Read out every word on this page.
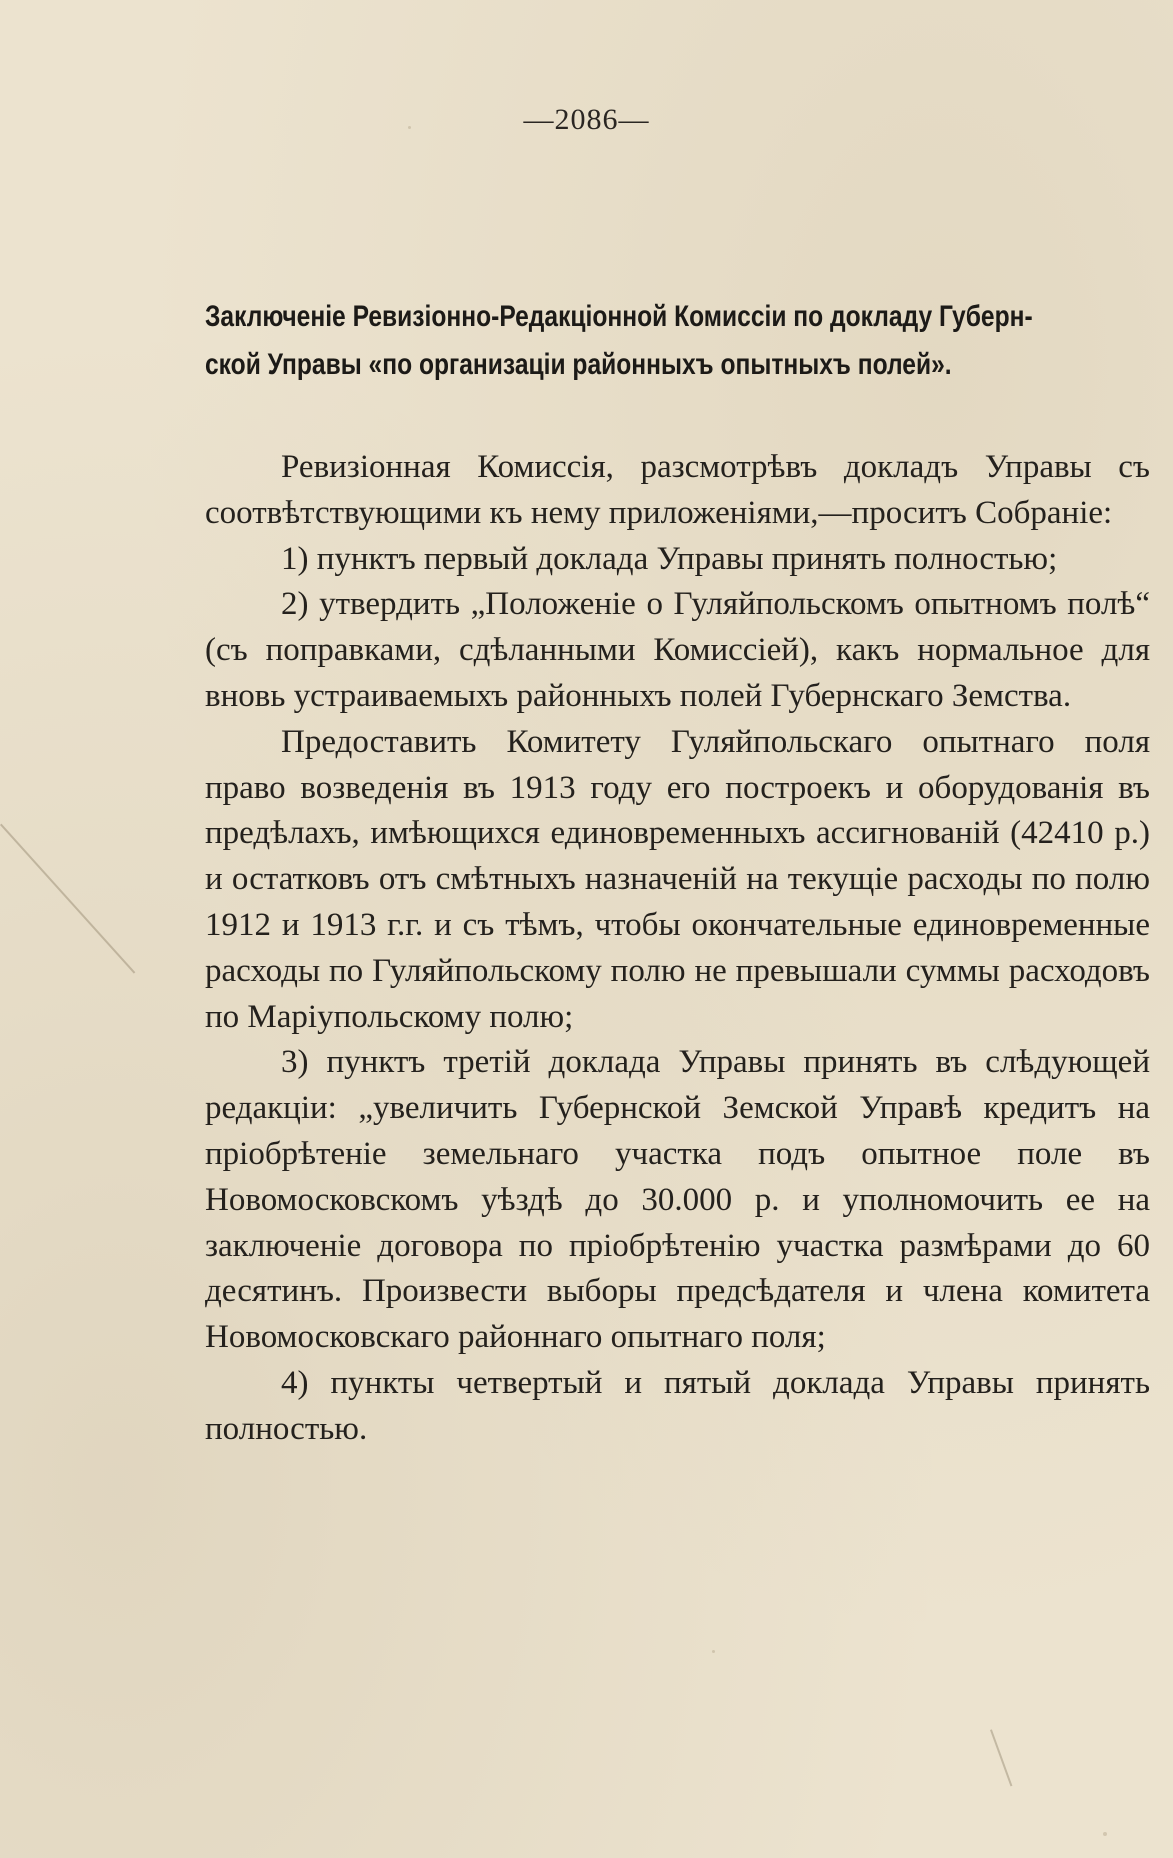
—2086—
Заключеніе Ревизіонно-Редакціонной Комиссіи по докладу Губерн-
ской Управы «по организаціи районныхъ опытныхъ полей».

Ревизіонная Комиссія, разсмотрѣвъ докладъ Управы съ соотвѣтствующими къ нему приложеніями,—проситъ Собраніе:

1) пунктъ первый доклада Управы принять полностью;

2) утвердить „Положеніе о Гуляйпольскомъ опытномъ полѣ“ (съ поправками, сдѣланными Комиссіей), какъ нормальное для вновь устраиваемыхъ районныхъ полей Губернскаго Земства.

Предоставить Комитету Гуляйпольскаго опытнаго поля право возведенія въ 1913 году его построекъ и оборудованія въ предѣлахъ, имѣющихся единовременныхъ ассигнованій (42410 р.) и остатковъ отъ смѣтныхъ назначеній на текущіе расходы по полю 1912 и 1913 г.г. и съ тѣмъ, чтобы окончательные единовременные расходы по Гуляйпольскому полю не превышали суммы расходовъ по Маріупольскому полю;

3) пунктъ третій доклада Управы принять въ слѣдующей редакціи: „увеличить Губернской Земской Управѣ кредитъ на пріобрѣтеніе земельнаго участка подъ опытное поле въ Новомосковскомъ уѣздѣ до 30.000 р. и уполномочить ее на заключеніе договора по пріобрѣтенію участка размѣрами до 60 десятинъ. Произвести выборы предсѣдателя и члена комитета Новомосковскаго районнаго опытнаго поля;

4) пункты четвертый и пятый доклада Управы принять полностью.
